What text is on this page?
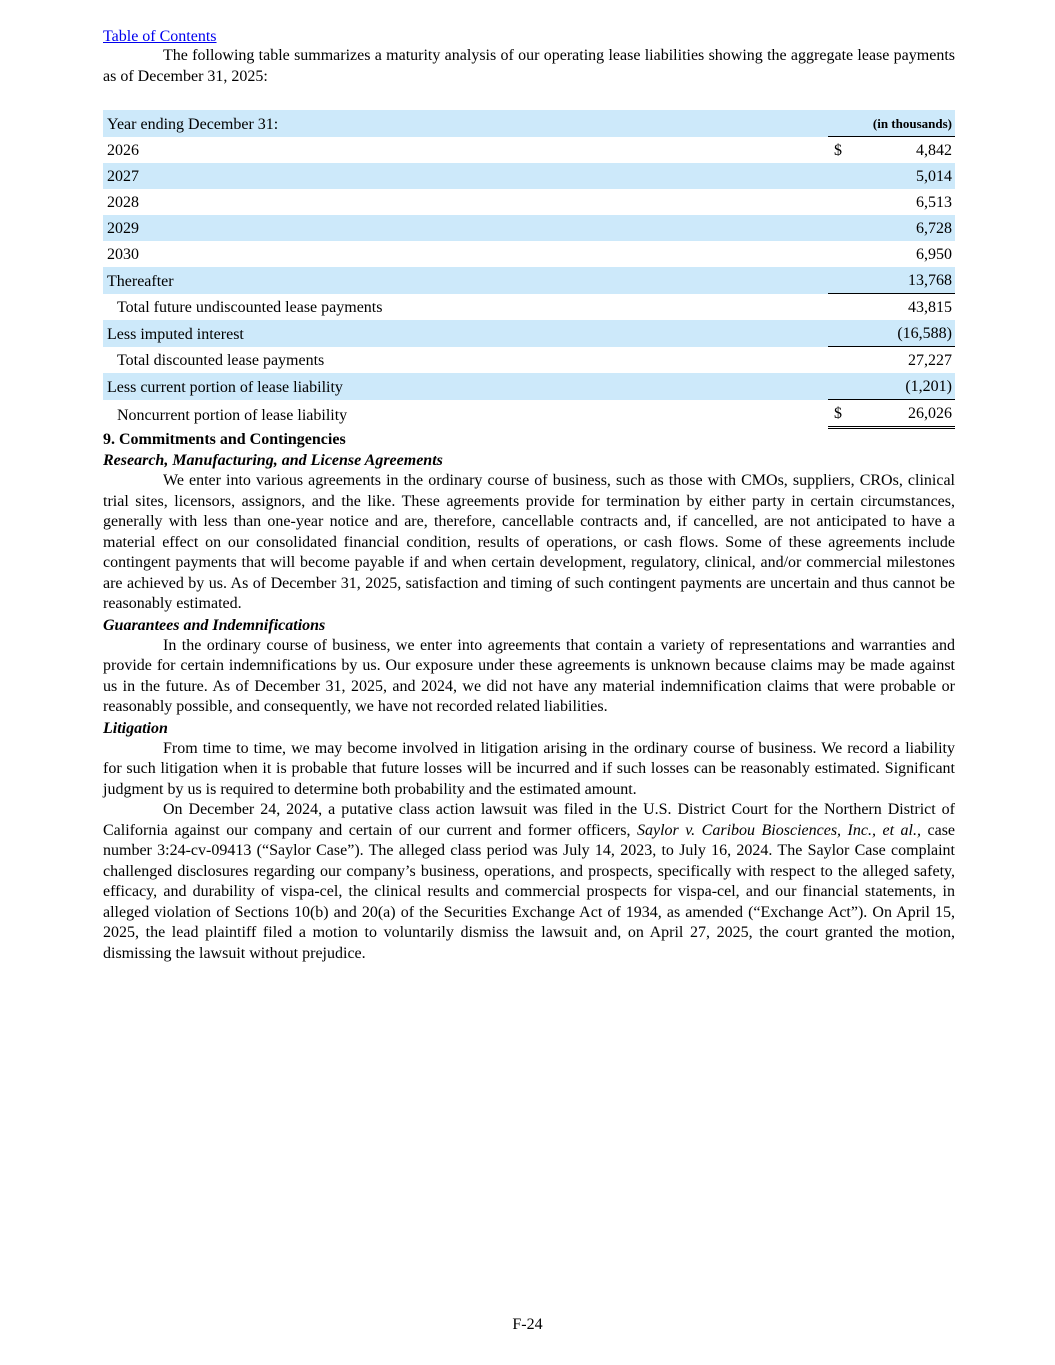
Table of Contents

The following table summarizes a maturity analysis of our operating lease liabilities showing the aggregate lease payments as of December 31, 2025:

Year ending December 31:	(in thousands)	
2026	$	4,842
2027		5,014
2028		6,513
2029		6,728
2030		6,950
Thereafter		13,768
Total future undiscounted lease payments		43,815
Less imputed interest		(16,588)
Total discounted lease payments		27,227
Less current portion of lease liability		(1,201)
Noncurrent portion of lease liability	$	26,026
9. Commitments and Contingencies
Research, Manufacturing, and License Agreements

We enter into various agreements in the ordinary course of business, such as those with CMOs, suppliers, CROs, clinical trial sites, licensors, assignors, and the like. These agreements provide for termination by either party in certain circumstances, generally with less than one-year notice and are, therefore, cancellable contracts and, if cancelled, are not anticipated to have a material effect on our consolidated financial condition, results of operations, or cash flows. Some of these agreements include contingent payments that will become payable if and when certain development, regulatory, clinical, and/or commercial milestones are achieved by us. As of December 31, 2025, satisfaction and timing of such contingent payments are uncertain and thus cannot be reasonably estimated.

Guarantees and Indemnifications

In the ordinary course of business, we enter into agreements that contain a variety of representations and warranties and provide for certain indemnifications by us. Our exposure under these agreements is unknown because claims may be made against us in the future. As of December 31, 2025, and 2024, we did not have any material indemnification claims that were probable or reasonably possible, and consequently, we have not recorded related liabilities.

Litigation

From time to time, we may become involved in litigation arising in the ordinary course of business. We record a liability for such litigation when it is probable that future losses will be incurred and if such losses can be reasonably estimated. Significant judgment by us is required to determine both probability and the estimated amount.

On December 24, 2024, a putative class action lawsuit was filed in the U.S. District Court for the Northern District of California against our company and certain of our current and former officers, Saylor v. Caribou Biosciences, Inc., et al., case number 3:24-cv-09413 (“Saylor Case”). The alleged class period was July 14, 2023, to July 16, 2024. The Saylor Case complaint challenged disclosures regarding our company’s business, operations, and prospects, specifically with respect to the alleged safety, efficacy, and durability of vispa-cel, the clinical results and commercial prospects for vispa-cel, and our financial statements, in alleged violation of Sections 10(b) and 20(a) of the Securities Exchange Act of 1934, as amended (“Exchange Act”). On April 15, 2025, the lead plaintiff filed a motion to voluntarily dismiss the lawsuit and, on April 27, 2025, the court granted the motion, dismissing the lawsuit without prejudice.

F-24
